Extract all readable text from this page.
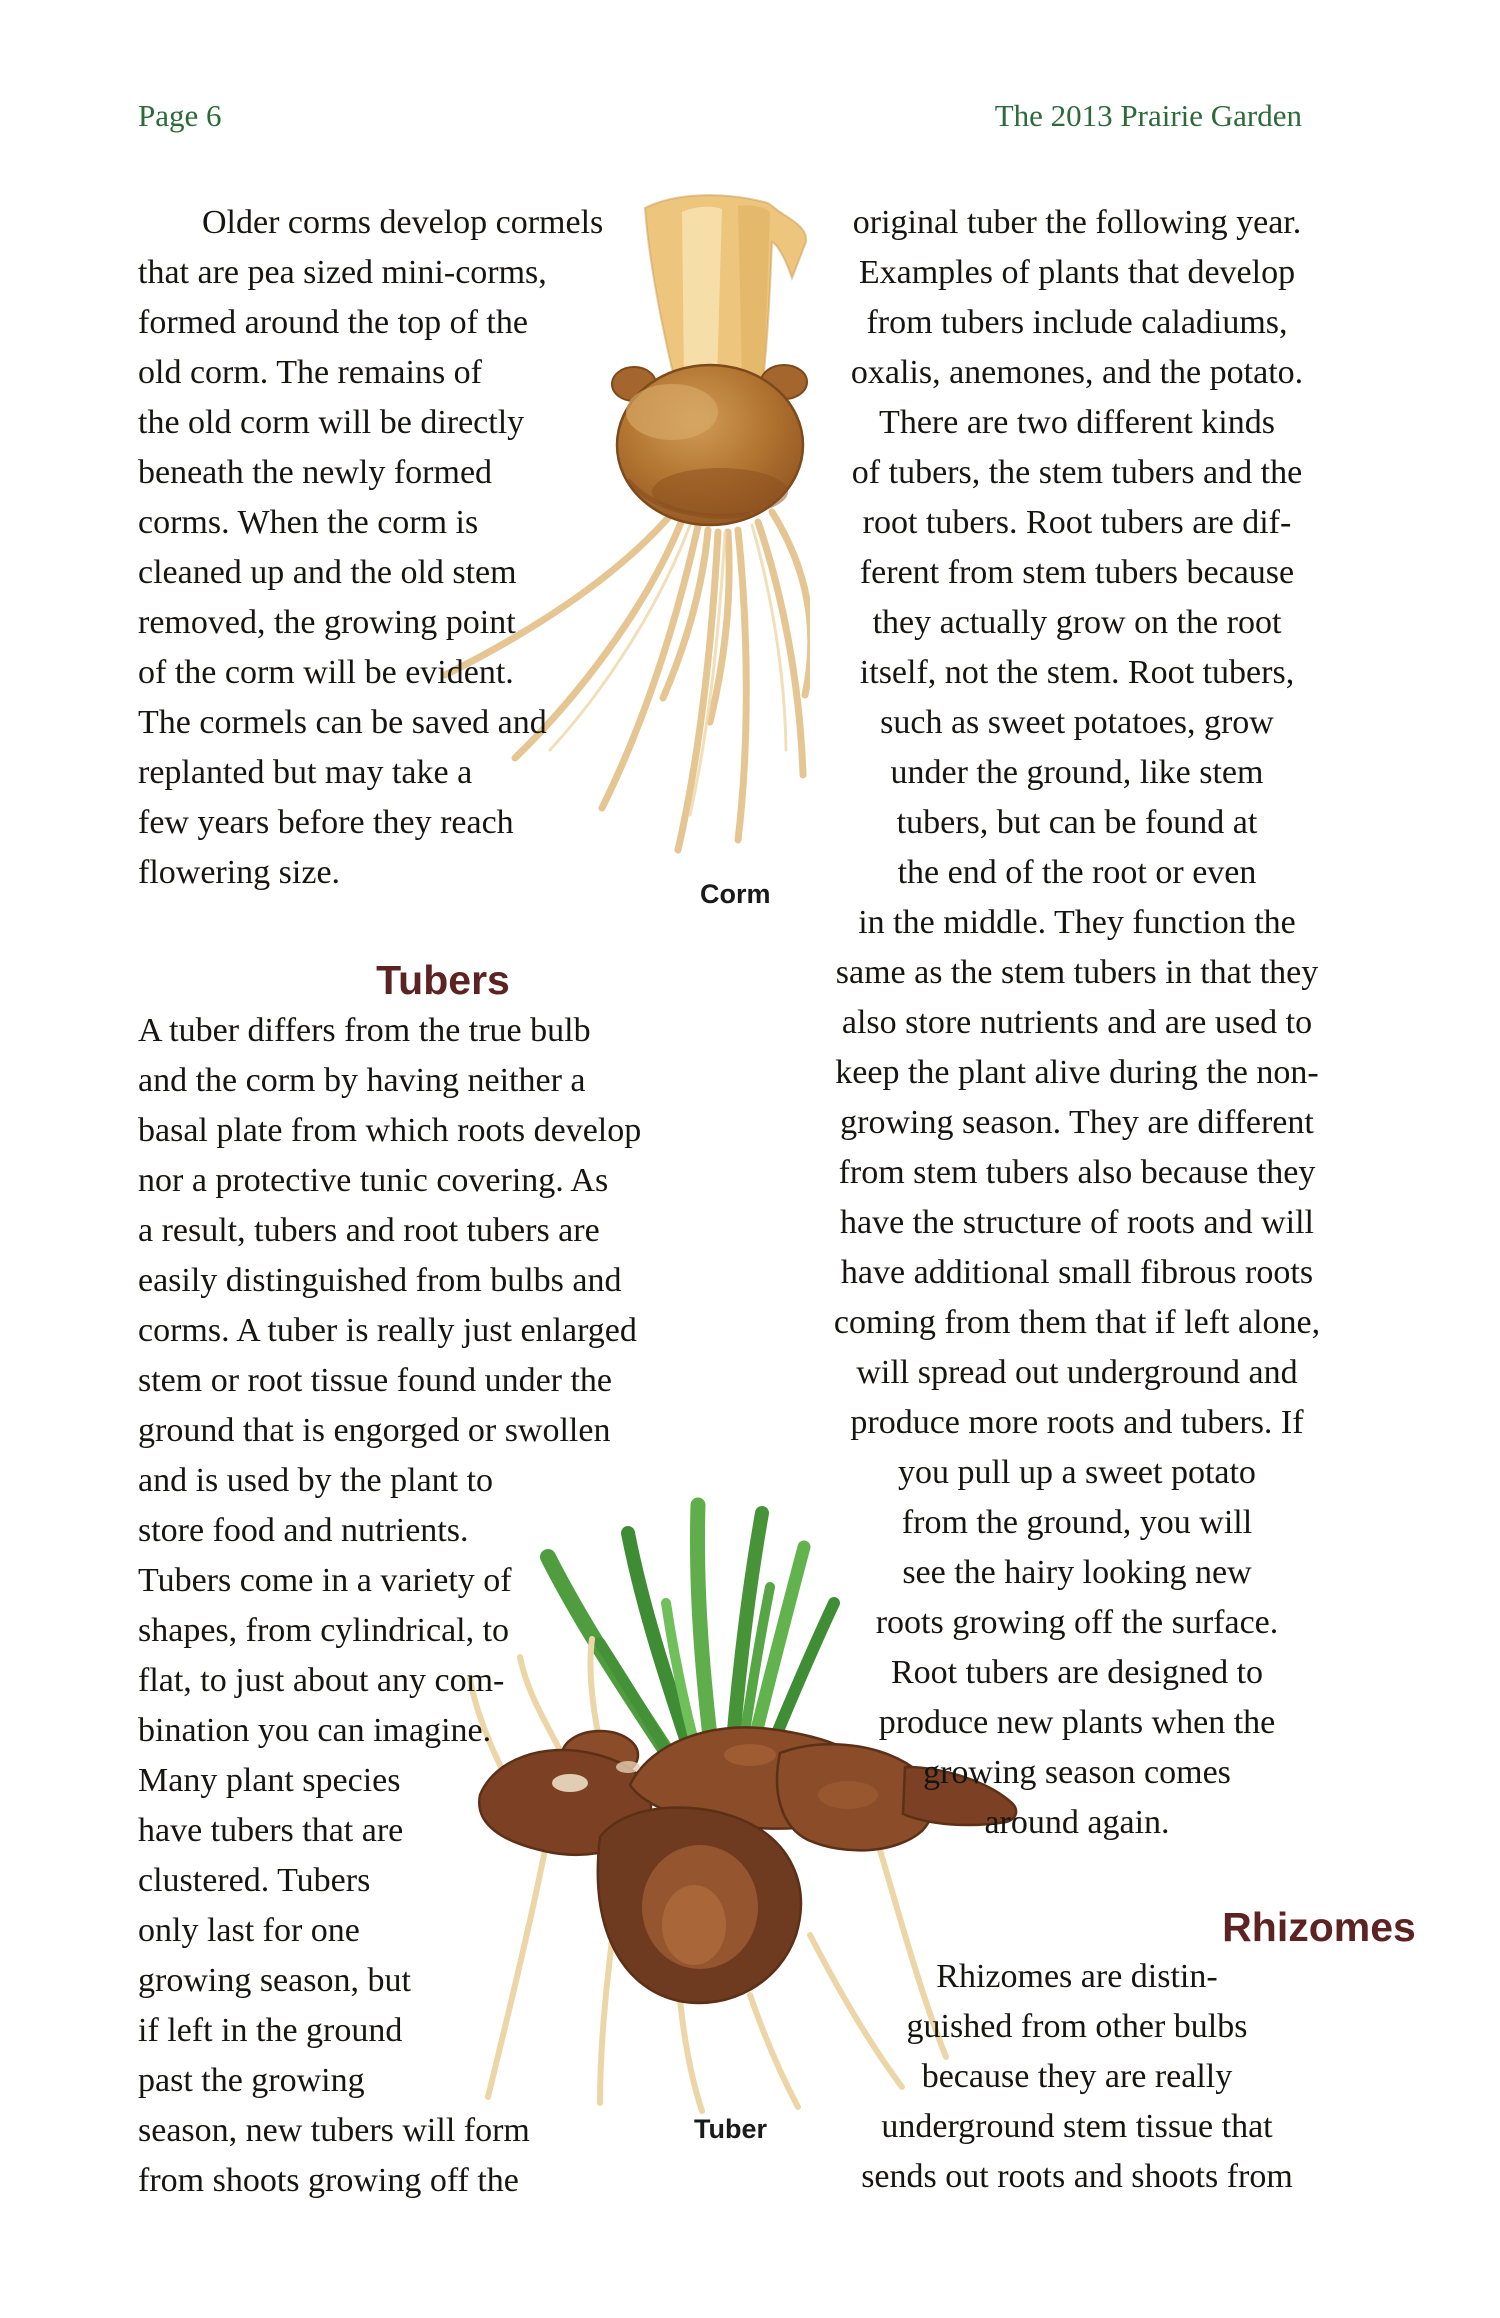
Page 6	The 2013 Prairie Garden
Older corms develop cormels
that are pea sized mini-corms,
formed around the top of the
old corm. The remains of
the old corm will be directly
beneath the newly formed
corms. When the corm is
cleaned up and the old stem
removed, the growing point
of the corm will be evident.
The cormels can be saved and
replanted but may take a
few years before they reach
flowering size.
Tubers
A tuber differs from the true bulb
and the corm by having neither a
basal plate from which roots develop
nor a protective tunic covering. As
a result, tubers and root tubers are
easily distinguished from bulbs and
corms. A tuber is really just enlarged
stem or root tissue found under the
ground that is engorged or swollen
and is used by the plant to
store food and nutrients.
Tubers come in a variety of
shapes, from cylindrical, to
flat, to just about any com-
bination you can imagine.
Many plant species
have tubers that are
clustered. Tubers
only last for one
growing season, but
if left in the ground
past the growing
season, new tubers will form
from shoots growing off the
original tuber the following year.
Examples of plants that develop
from tubers include caladiums,
oxalis, anemones, and the potato.
There are two different kinds
of tubers, the stem tubers and the
root tubers. Root tubers are dif-
ferent from stem tubers because
they actually grow on the root
itself, not the stem. Root tubers,
such as sweet potatoes, grow
under the ground, like stem
tubers, but can be found at
the end of the root or even
in the middle. They function the
same as the stem tubers in that they
also store nutrients and are used to
keep the plant alive during the non-
growing season. They are different
from stem tubers also because they
have the structure of roots and will
have additional small fibrous roots
coming from them that if left alone,
will spread out underground and
produce more roots and tubers. If
you pull up a sweet potato
from the ground, you will
see the hairy looking new
roots growing off the surface.
Root tubers are designed to
produce new plants when the
growing season comes
around again.
Rhizomes
Rhizomes are distin-
guished from other bulbs
because they are really
underground stem tissue that
sends out roots and shoots from
Corm
Tuber
